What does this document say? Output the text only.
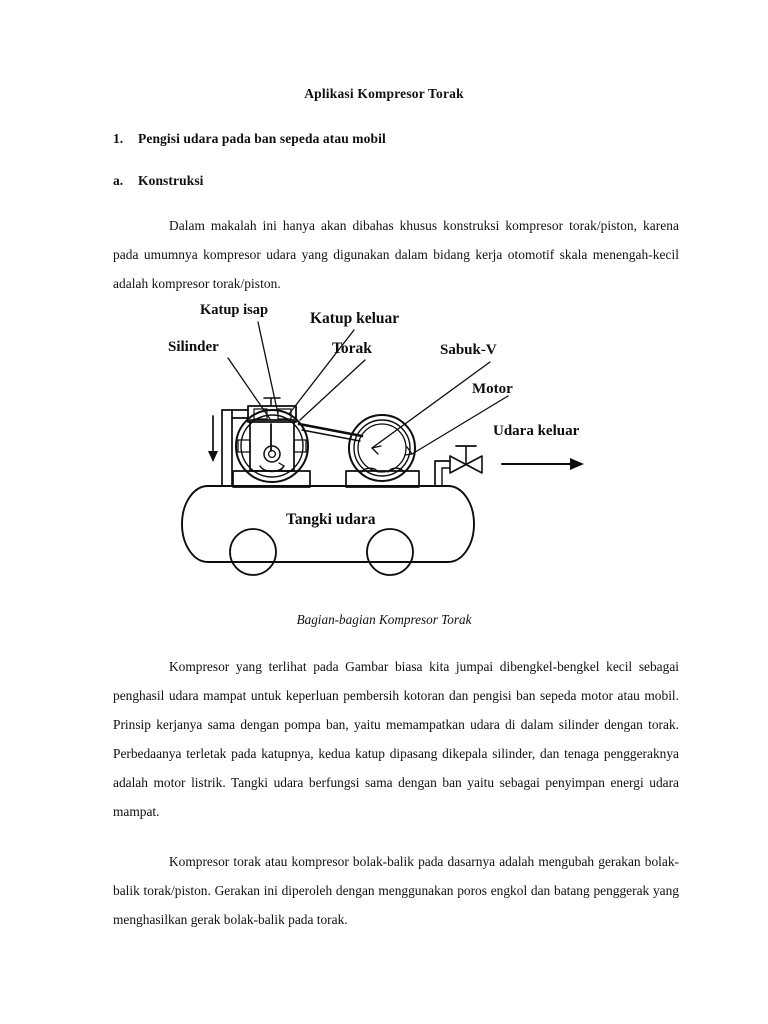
Aplikasi Kompresor Torak
1.	Pengisi udara pada ban sepeda atau mobil
a.	Konstruksi
Dalam makalah ini hanya akan dibahas khusus konstruksi kompresor torak/piston, karena pada umumnya kompresor udara yang digunakan dalam bidang kerja otomotif skala menengah-kecil adalah kompresor torak/piston.
Katup isap	Katup keluar
Silinder	Torak	Sabuk-V
Motor
Udara keluar
Tangki udara
Bagian-bagian Kompresor Torak
Kompresor yang terlihat pada Gambar biasa kita jumpai dibengkel-bengkel kecil sebagai penghasil udara mampat untuk keperluan pembersih kotoran dan pengisi ban sepeda motor atau mobil. Prinsip kerjanya sama dengan pompa ban, yaitu memampatkan udara di dalam silinder dengan torak. Perbedaanya terletak pada katupnya, kedua katup dipasang dikepala silinder, dan tenaga penggeraknya adalah motor listrik. Tangki udara berfungsi sama dengan ban yaitu sebagai penyimpan energi udara mampat.
Kompresor torak atau kompresor bolak-balik pada dasarnya adalah mengubah gerakan bolak-balik torak/piston. Gerakan ini diperoleh dengan menggunakan poros engkol dan batang penggerak yang menghasilkan gerak bolak-balik pada torak.
